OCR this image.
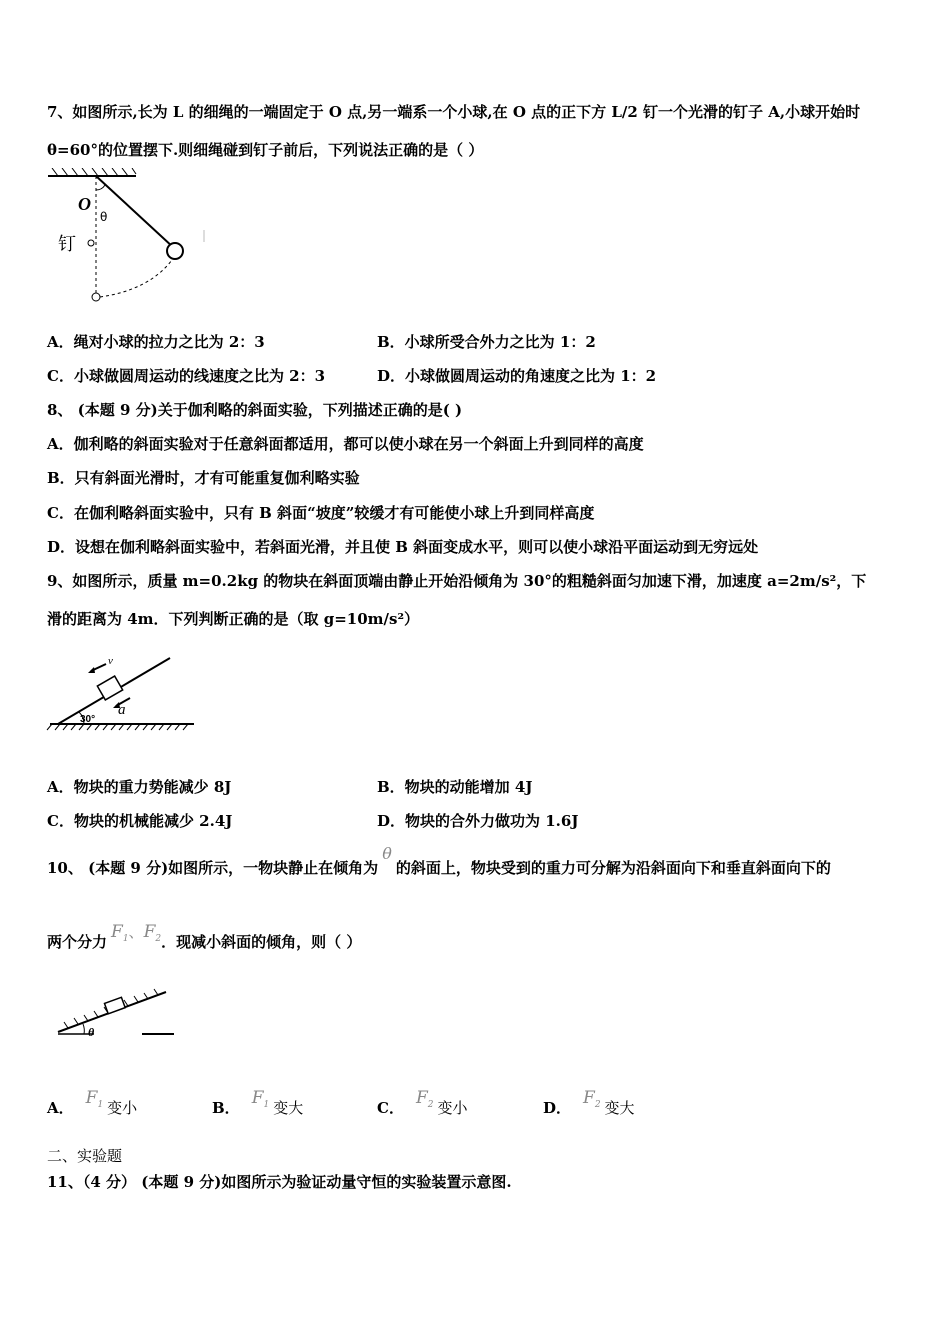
7、如图所示,长为 L 的细绳的一端固定于 O 点,另一端系一个小球,在 O 点的正下方 L/2 钉一个光滑的钉子 A,小球开始时
θ=60°的位置摆下.则细绳碰到钉子前后，下列说法正确的是（ ）
O
θ
钉
A．绳对小球的拉力之比为 2：3	B．小球所受合外力之比为 1：2
C．小球做圆周运动的线速度之比为 2：3	D．小球做圆周运动的角速度之比为 1：2
8、 (本题 9 分)关于伽利略的斜面实验，下列描述正确的是( )
A．伽利略的斜面实验对于任意斜面都适用，都可以使小球在另一个斜面上升到同样的高度
B．只有斜面光滑时，才有可能重复伽利略实验
C．在伽利略斜面实验中，只有 B 斜面“坡度”较缓才有可能使小球上升到同样高度
D．设想在伽利略斜面实验中，若斜面光滑，并且使 B 斜面变成水平，则可以使小球沿平面运动到无穷远处
9、如图所示，质量 m=0.2kg 的物块在斜面顶端由静止开始沿倾角为 30°的粗糙斜面匀加速下滑，加速度 a=2m/s²，下
滑的距离为 4m．下列判断正确的是（取 g=10m/s²）
v
a
30°
A．物块的重力势能减少 8J	B．物块的动能增加 4J
C．物块的机械能减少 2.4J	D．物块的合外力做功为 1.6J
10、 (本题 9 分)如图所示，一物块静止在倾角为θ的斜面上，物块受到的重力可分解为沿斜面向下和垂直斜面向下的
两个分力 $F_1$、$F_2$．现减小斜面的倾角，则（ ）
θ
A． $F_1$ 变小	B． $F_1$ 变大	C． $F_2$ 变小	D． $F_2$ 变大
二、实验题
11、（4 分） (本题 9 分)如图所示为验证动量守恒的实验装置示意图.
